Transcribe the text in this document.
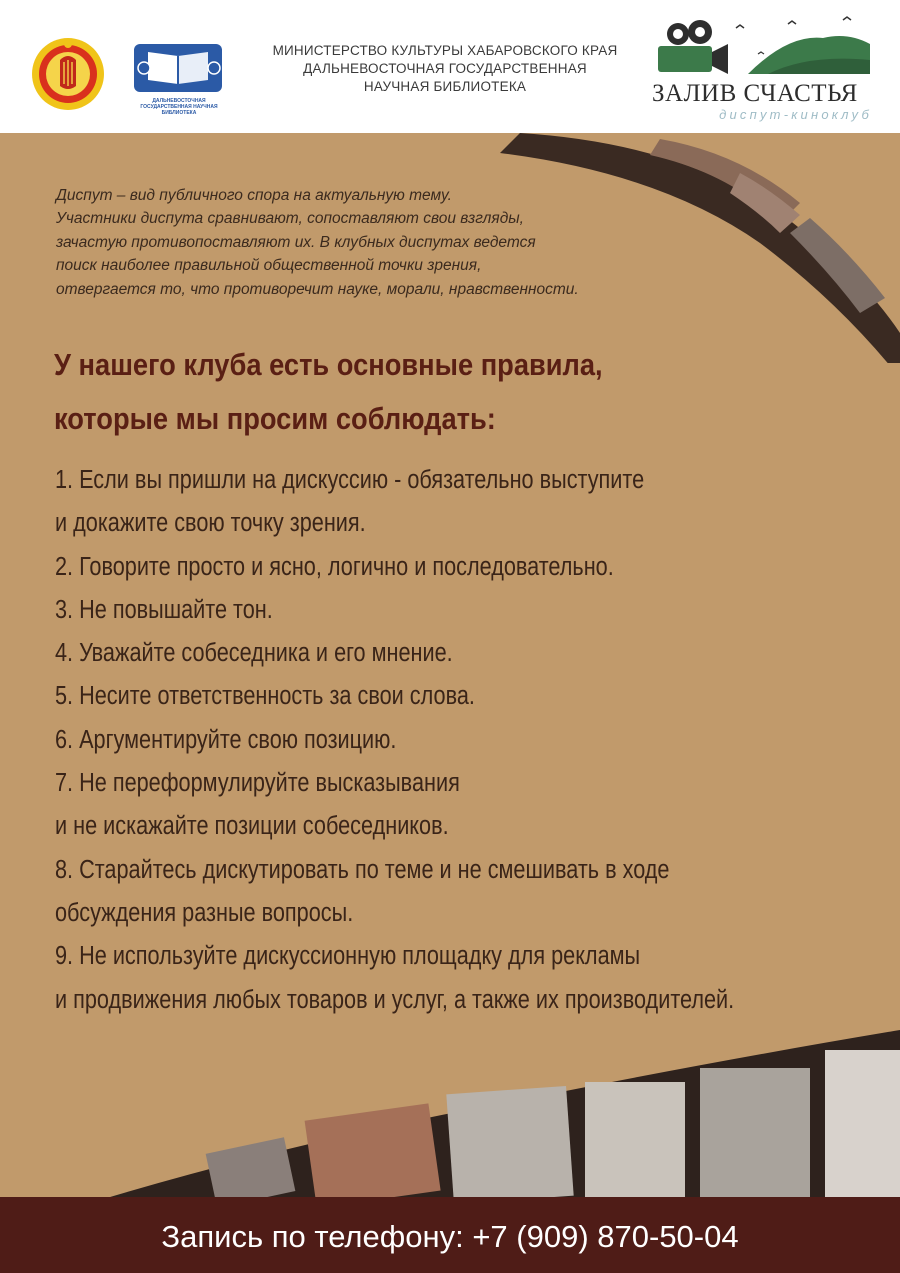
ДАЛЬНЕВОСТОЧНАЯ ГОСУДАРСТВЕННАЯ НАУЧНАЯ БИБЛИОТЕКА
МИНИСТЕРСТВО КУЛЬТУРЫ ХАБАРОВСКОГО КРАЯ
ДАЛЬНЕВОСТОЧНАЯ ГОСУДАРСТВЕННАЯ
НАУЧНАЯ БИБЛИОТЕКА	ЗАЛИВ СЧАСТЬЯ
диспут-киноклуб
Диспут – вид публичного спора на актуальную тему.
Участники диспута сравнивают, сопоставляют свои взгляды,
зачастую противопоставляют их. В клубных диспутах ведется
поиск наиболее правильной общественной точки зрения,
отвергается то, что противоречит науке, морали, нравственности.
У нашего клуба есть основные правила,
которые мы просим соблюдать:
1. Если вы пришли на дискуссию - обязательно выступите
и докажите свою точку зрения.
2. Говорите просто и ясно, логично и последовательно.
3. Не повышайте тон.
4. Уважайте собеседника и его мнение.
5. Несите ответственность за свои слова.
6. Аргументируйте свою позицию.
7. Не переформулируйте высказывания
и не искажайте позиции собеседников.
8. Старайтесь дискутировать по теме и не смешивать в ходе
обсуждения разные вопросы.
9. Не используйте дискуссионную площадку для рекламы
и продвижения любых товаров и услуг, а также их производителей.
Запись по телефону: +7 (909) 870-50-04
